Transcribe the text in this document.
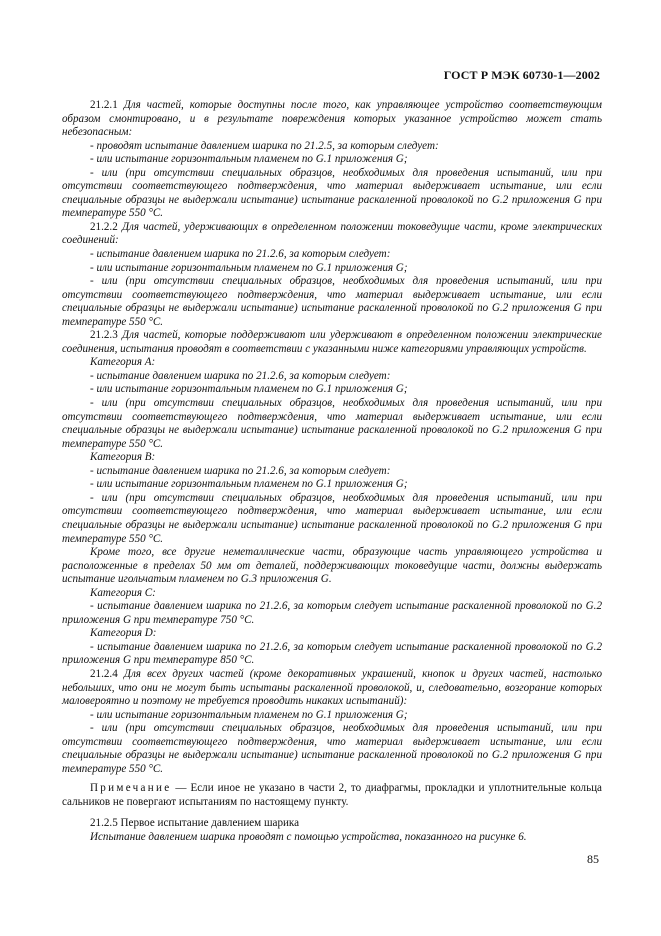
ГОСТ Р МЭК 60730-1—2002

21.2.1 Для частей, которые доступны после того, как управляющее устройство соответствующим образом смонтировано, и в результате повреждения которых указанное устройство может стать небезопасным:

- проводят испытание давлением шарика по 21.2.5, за которым следует:

- или испытание горизонтальным пламенем по G.1 приложения G;

- или (при отсутствии специальных образцов, необходимых для проведения испытаний, или при отсутствии соответствующего подтверждения, что материал выдерживает испытание, или если специальные образцы не выдержали испытание) испытание раскаленной проволокой по G.2 приложения G при температуре 550 °С.

21.2.2 Для частей, удерживающих в определенном положении токоведущие части, кроме электрических соединений:

- испытание давлением шарика по 21.2.6, за которым следует:

- или испытание горизонтальным пламенем по G.1 приложения G;

- или (при отсутствии специальных образцов, необходимых для проведения испытаний, или при отсутствии соответствующего подтверждения, что материал выдерживает испытание, или если специальные образцы не выдержали испытание) испытание раскаленной проволокой по G.2 приложения G при температуре 550 °С.

21.2.3 Для частей, которые поддерживают или удерживают в определенном положении электрические соединения, испытания проводят в соответствии с указанными ниже категориями управляющих устройств.

Категория А:

- испытание давлением шарика по 21.2.6, за которым следует:

- или испытание горизонтальным пламенем по G.1 приложения G;

- или (при отсутствии специальных образцов, необходимых для проведения испытаний, или при отсутствии соответствующего подтверждения, что материал выдерживает испытание, или если специальные образцы не выдержали испытание) испытание раскаленной проволокой по G.2 приложения G при температуре 550 °С.

Категория В:

- испытание давлением шарика по 21.2.6, за которым следует:

- или испытание горизонтальным пламенем по G.1 приложения G;

- или (при отсутствии специальных образцов, необходимых для проведения испытаний, или при отсутствии соответствующего подтверждения, что материал выдерживает испытание, или если специальные образцы не выдержали испытание) испытание раскаленной проволокой по G.2 приложения G при температуре 550 °С.

Кроме того, все другие неметаллические части, образующие часть управляющего устройства и расположенные в пределах 50 мм от деталей, поддерживающих токоведущие части, должны выдержать испытание игольчатым пламенем по G.3 приложения G.

Категория С:

- испытание давлением шарика по 21.2.6, за которым следует испытание раскаленной проволокой по G.2 приложения G при температуре 750 °С.

Категория D:

- испытание давлением шарика по 21.2.6, за которым следует испытание раскаленной проволокой по G.2 приложения G при температуре 850 °С.

21.2.4 Для всех других частей (кроме декоративных украшений, кнопок и других частей, настолько небольших, что они не могут быть испытаны раскаленной проволокой, и, следовательно, возгорание которых маловероятно и поэтому не требуется проводить никаких испытаний):

- или испытание горизонтальным пламенем по G.1 приложения G;

- или (при отсутствии специальных образцов, необходимых для проведения испытаний, или при отсутствии соответствующего подтверждения, что материал выдерживает испытание, или если специальные образцы не выдержали испытание) испытание раскаленной проволокой по G.2 приложения G при температуре 550 °С.

Примечание — Если иное не указано в части 2, то диафрагмы, прокладки и уплотнительные кольца сальников не повергают испытаниям по настоящему пункту.

21.2.5 Первое испытание давлением шарика

Испытание давлением шарика проводят с помощью устройства, показанного на рисунке 6.

85
